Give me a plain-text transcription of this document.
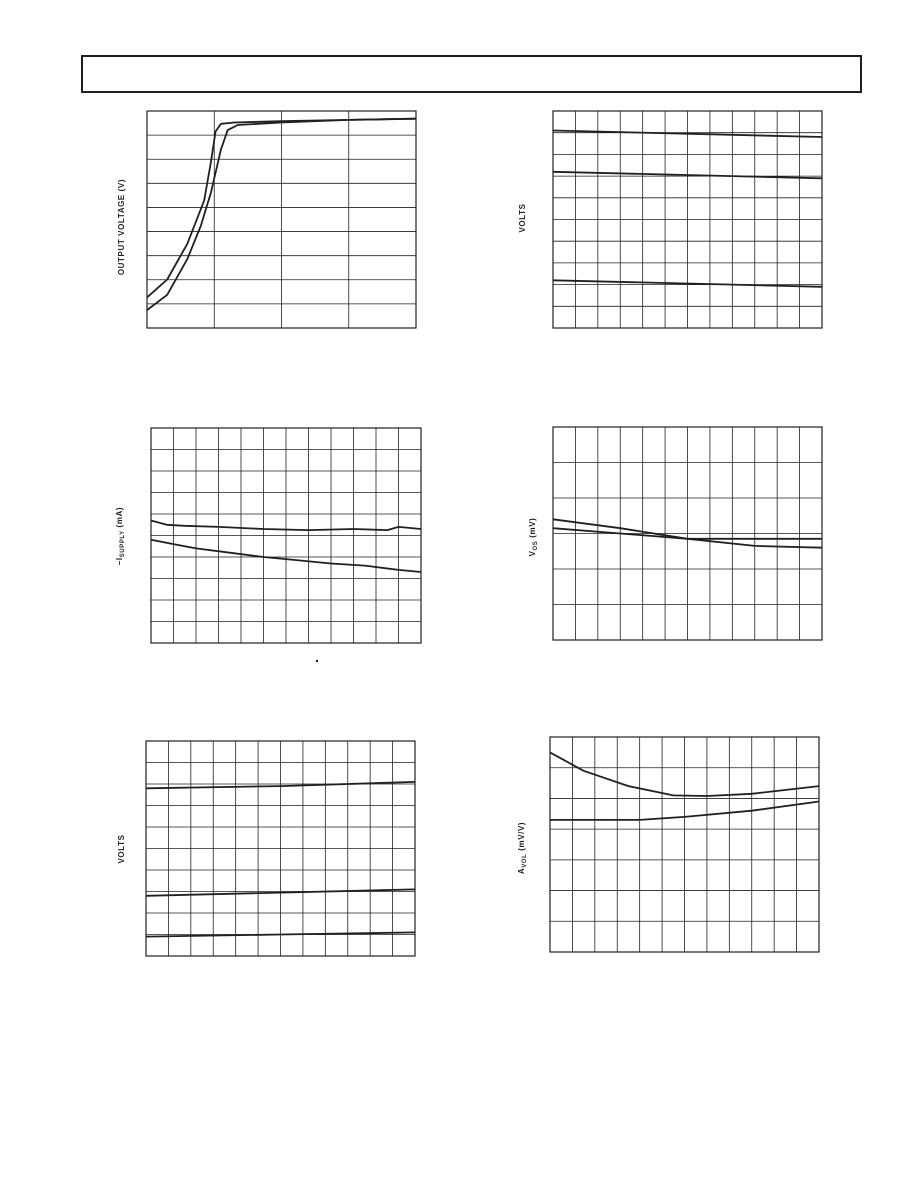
OUTPUT VOLTAGE (V)	VOLTS
$-I_{SUPPLY}$ (mA)
$V_{OS}$ (mV)
VOLTS
$A_{VOL}$ (mV/V)
